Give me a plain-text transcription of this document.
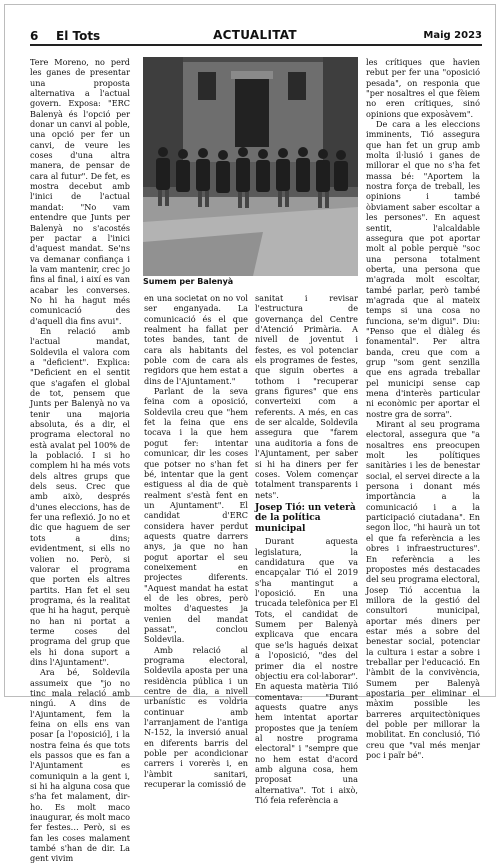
6 El Tots	ACTUALITAT	Maig 2023

Tere Moreno, no perd les ganes de presentar una proposta alternativa a l'actual govern. Exposa: "ERC Balenyà és l'opció per donar un canvi al poble, una opció per fer un canvi, de veure les coses d'una altra manera, de pensar de cara al futur". De fet, es mostra decebut amb l'inici de l'actual mandat: "No vam entendre que Junts per Balenyà no s'acostés per pactar a l'inici d'aquest mandat. Se'ns va demanar confiança i la vam mantenir, crec jo fins al final, i així es van acabar les converses. No hi ha hagut més comunicació des d'aquell dia fins avui".

En relació amb l'actual mandat, Soldevila el valora com a "deficient". Explica: "Deficient en el sentit que s'agafen el global de tot, pensem que Junts per Balenyà no va tenir una majoria absoluta, és a dir, el programa electoral no està avalat pel 100% de la població. I si ho complem hi ha més vots dels altres grups que dels seus. Crec que amb això, després d'unes eleccions, has de fer una reflexió. Jo no et dic que haguem de ser tots a dins; evidentment, si ells no volien no. Però, si valorar el programa que porten els altres partits. Han fet el seu programa, és la realitat que hi ha hagut, perquè no han ni portat a terme coses del programa del grup que els hi dona suport a dins l'Ajuntament".

Ara bé, Soldevila assumeix que "jo no tinc mala relació amb ningú. A dins de l'Ajuntament, fem la feina on ells ens van posar [a l'oposició], i la nostra feina és que tots els passos que es fan a l'Ajuntament es comuniquin a la gent i, si hi ha alguna cosa que s'ha fet malament, dir-ho. Es molt maco inaugurar, és molt maco fer festes… Però, si es fan les coses malament també s'han de dir. La gent vivim

Sumem per Balenyà

en una societat on no vol ser enganyada. La comunicació és el que realment ha fallat per totes bandes, tant de cara als habitants del poble com de cara als regidors que hem estat a dins de l'Ajuntament."

Parlant de la seva feina com a oposició, Soldevila creu que "hem fet la feina que ens tocava i la que hem pogut fer: intentar comunicar, dir les coses que potser no s'han fet bé, intentar que la gent estiguess al dia de què realment s'està fent en un Ajuntament". El candidat d'ERC considera haver perdut aquests quatre darrers anys, ja que no han pogut aportar el seu coneixement en projectes diferents. "Aquest mandat ha estat el de les obres, però moltes d'aquestes ja venien del mandat passat", conclou Soldevila.

Amb relació al programa electoral, Soldevila aposta per una residència pública i un centre de dia, a nivell urbanístic es voldria continuar amb l'arranjament de l'antiga N-152, la inversió anual en diferents barris del poble per acondicionar carrers i vorerès i, en l'àmbit sanitari, recuperar la comissió de

sanitat i revisar l'estructura de governança del Centre d'Atenció Primària. A nivell de joventut i festes, es vol potenciar els programes de festes, que siguin obertes a tothom i "recuperar grans figures" que ens converteixi com a referents. A més, en cas de ser alcalde, Soldevila assegura que "farem una auditoria a fons de l'Ajuntament, per saber si hi ha diners per fer coses. Volem començar totalment transparents i nets".

Josep Tió: un veterà de la política municipal

Durant aquesta legislatura, la candidatura que va encapçalar Tió el 2019 s'ha mantingut a l'oposició. En una trucada telefònica per El Tots, el candidat de Sumem per Balenyà explicava que encara que se'ls hagués deixat a l'oposició, "des del primer dia el nostre objectiu era col·laborar". En aquesta matèria Tiió comentava: "Durant aquests quatre anys hem intentat aportar propostes que ja teníem al nostre programa electoral" i "sempre que no hem estat d'acord amb alguna cosa, hem proposat una alternativa". Tot i això, Tió feia referència a

les crítiques que havien rebut per fer una "oposició pesada", on responia que "per nosaltres el que fèiem no eren crítiques, sinó opinions que exposàvem".

De cara a les eleccions imminents, Tió assegura que han fet un grup amb molta il·lusió i ganes de millorar el que no s'ha fet massa bé: "Aportem la nostra força de treball, les opinions i també òbviament saber escoltar a les persones". En aquest sentit, l'alcaldable assegura que pot aportar molt al poble perquè "soc una persona totalment oberta, una persona que m'agrada molt escoltar, també parlar, però també m'agrada que al mateix temps si una cosa no funciona, se'm digui". Diu: "Penso que el diàleg és fonamental". Per altra banda, creu que com a grup "som gent senzilla que ens agrada treballar pel municipi sense cap mena d'interès particular ni econòmic per aportar el nostre gra de sorra".

Mirant al seu programa electoral, assegura que "a nosaltres ens preocupen molt les polítiques sanitàries i les de benestar social, el servei directe a la persona i donant més importància a la comunicació i a la participació ciutadana". En segon lloc, "hi haurà un tot el que fa referència a les obres i infraestructures". En referència a les propostes més destacades del seu programa electoral, Josep Tió accentua la millora de la gestió del consultori municipal, aportar més diners per estar més a sobre del benestar social, potenciar la cultura i estar a sobre i treballar per l'educació. En l'àmbit de la convivència, Sumem per Balenyà apostaria per eliminar el màxim possible les barreres arquitectòniques del poble per millorar la mobilitat. En conclusió, Tió creu que "val més menjar poc i païr bé".
